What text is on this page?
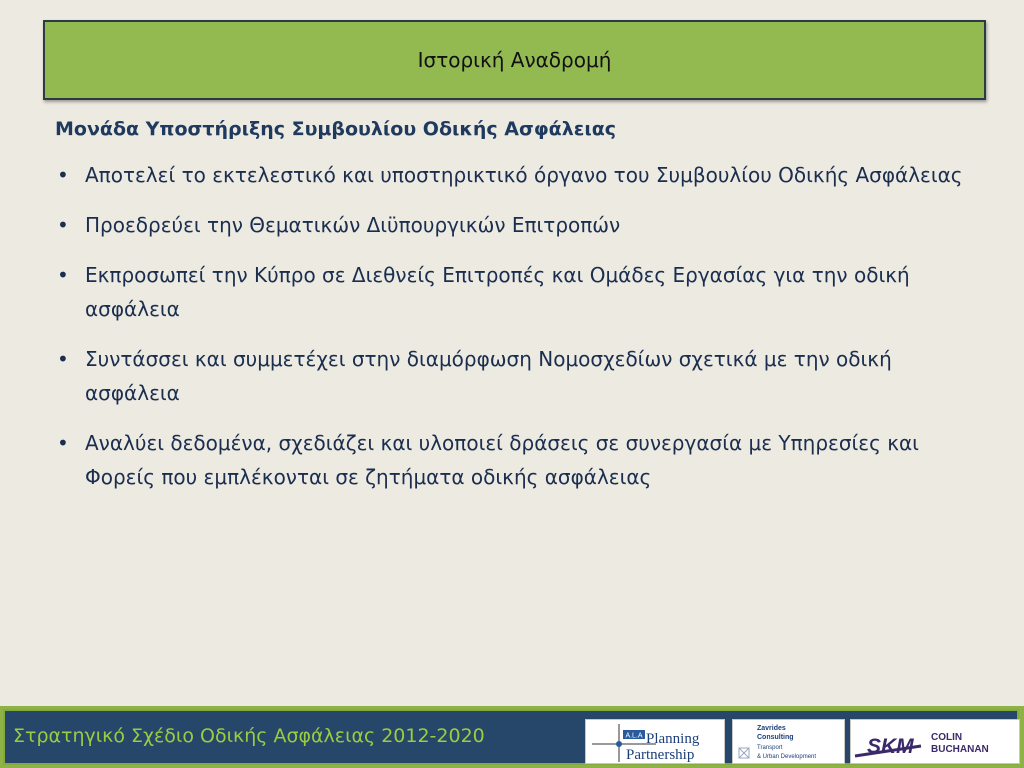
Ιστορική Αναδρομή
Μονάδα Υποστήριξης Συμβουλίου Οδικής Ασφάλειας
• Αποτελεί το εκτελεστικό και υποστηρικτικό όργανο του Συμβουλίου Οδικής Ασφάλειας
• Προεδρεύει την Θεματικών Διϋπουργικών Επιτροπών
• Εκπροσωπεί την Κύπρο σε Διεθνείς Επιτροπές και Ομάδες Εργασίας για την οδική ασφάλεια
• Συντάσσει και συμμετέχει στην διαμόρφωση Νομοσχεδίων σχετικά με την οδική ασφάλεια
• Αναλύει δεδομένα, σχεδιάζει και υλοποιεί δράσεις σε συνεργασία με Υπηρεσίες και Φορείς που εμπλέκονται σε ζητήματα οδικής ασφάλειας
Στρατηγικό Σχέδιο Οδικής Ασφάλειας 2012-2020	A.L.A Planning
Partnership
Zavrides
Consulting
Transport
& Urban Development SKM COLIN
BUCHANAN
